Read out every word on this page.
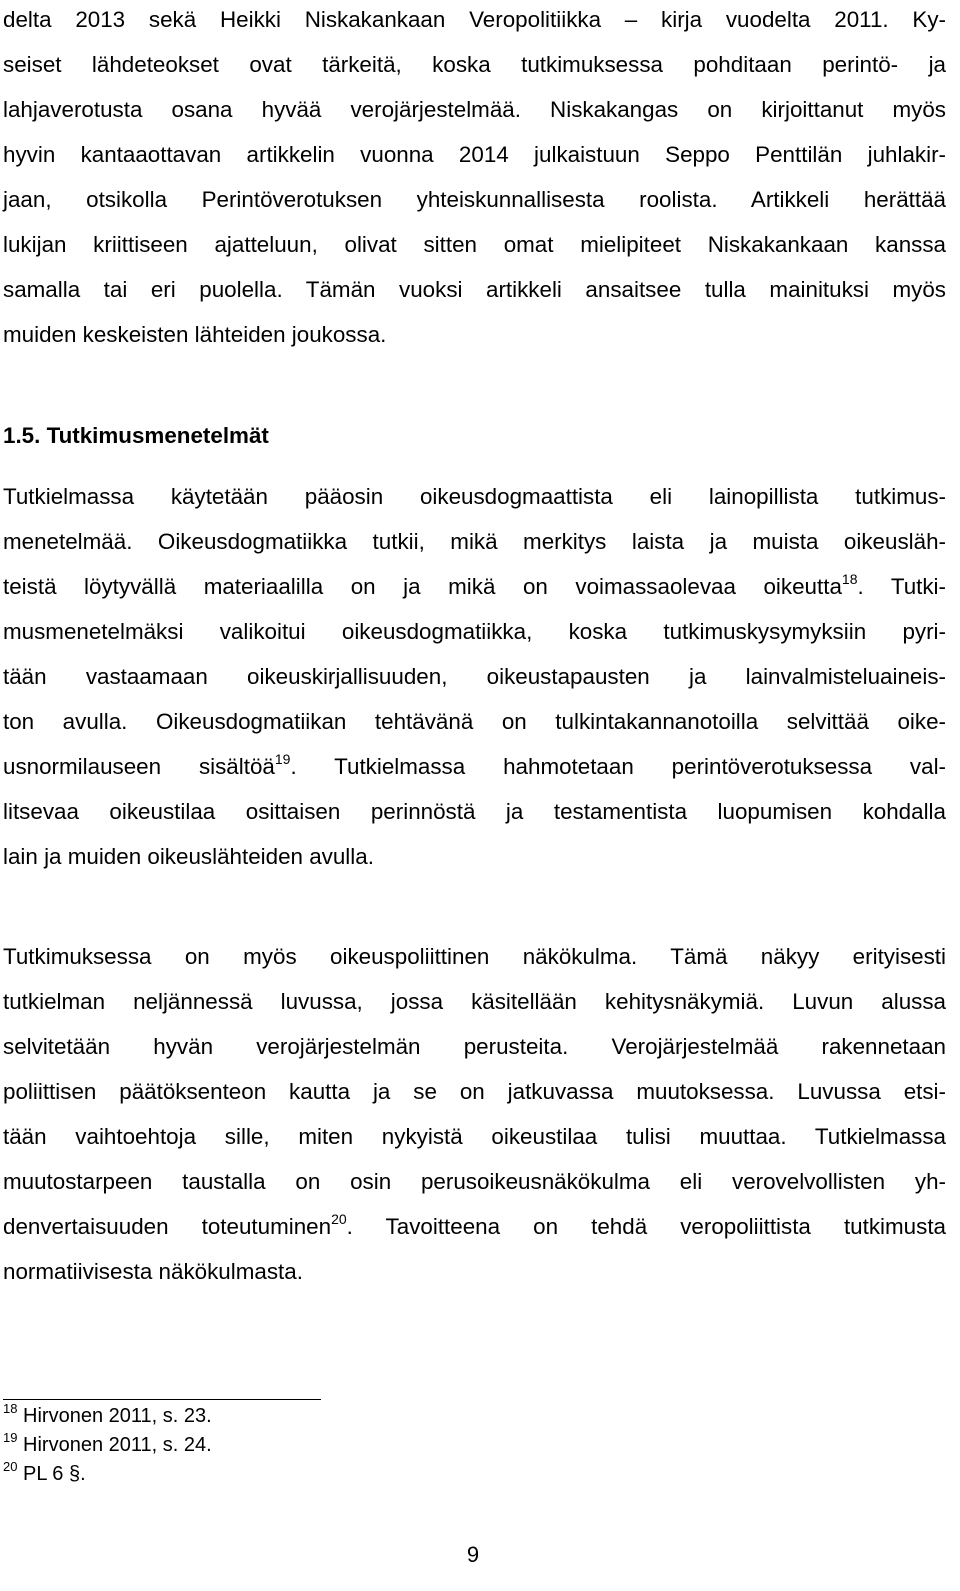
delta 2013 sekä Heikki Niskakankaan Veropolitiikka – kirja vuodelta 2011. Ky-
seiset lähdeteokset ovat tärkeitä, koska tutkimuksessa pohditaan perintö- ja
lahjaverotusta osana hyvää verojärjestelmää. Niskakangas on kirjoittanut myös
hyvin kantaaottavan artikkelin vuonna 2014 julkaistuun Seppo Penttilän juhlakir-
jaan, otsikolla Perintöverotuksen yhteiskunnallisesta roolista. Artikkeli herättää
lukijan kriittiseen ajatteluun, olivat sitten omat mielipiteet Niskakankaan kanssa
samalla tai eri puolella. Tämän vuoksi artikkeli ansaitsee tulla mainituksi myös
muiden keskeisten lähteiden joukossa.
1.5. Tutkimusmenetelmät
Tutkielmassa käytetään pääosin oikeusdogmaattista eli lainopillista tutkimus-
menetelmää. Oikeusdogmatiikka tutkii, mikä merkitys laista ja muista oikeusläh-
teistä löytyvällä materiaalilla on ja mikä on voimassaolevaa oikeutta$^{18}$. Tutki-
musmenetelmäksi valikoitui oikeusdogmatiikka, koska tutkimuskysymyksiin pyri-
tään vastaamaan oikeuskirjallisuuden, oikeustapausten ja lainvalmisteluaineis-
ton avulla. Oikeusdogmatiikan tehtävänä on tulkintakannanotoilla selvittää oike-
usnormilauseen sisältöä$^{19}$. Tutkielmassa hahmotetaan perintöverotuksessa val-
litsevaa oikeustilaa osittaisen perinnöstä ja testamentista luopumisen kohdalla
lain ja muiden oikeuslähteiden avulla.
Tutkimuksessa on myös oikeuspoliittinen näkökulma. Tämä näkyy erityisesti
tutkielman neljännessä luvussa, jossa käsitellään kehitysnäkymiä. Luvun alussa
selvitetään hyvän verojärjestelmän perusteita. Verojärjestelmää rakennetaan
poliittisen päätöksenteon kautta ja se on jatkuvassa muutoksessa. Luvussa etsi-
tään vaihtoehtoja sille, miten nykyistä oikeustilaa tulisi muuttaa. Tutkielmassa
muutostarpeen taustalla on osin perusoikeusnäkökulma eli verovelvollisten yh-
denvertaisuuden toteutuminen$^{20}$. Tavoitteena on tehdä veropoliittista tutkimusta
normatiivisesta näkökulmasta.
$^{18}$ Hirvonen 2011, s. 23.
$^{19}$ Hirvonen 2011, s. 24.
$^{20}$ PL 6 §.
9
